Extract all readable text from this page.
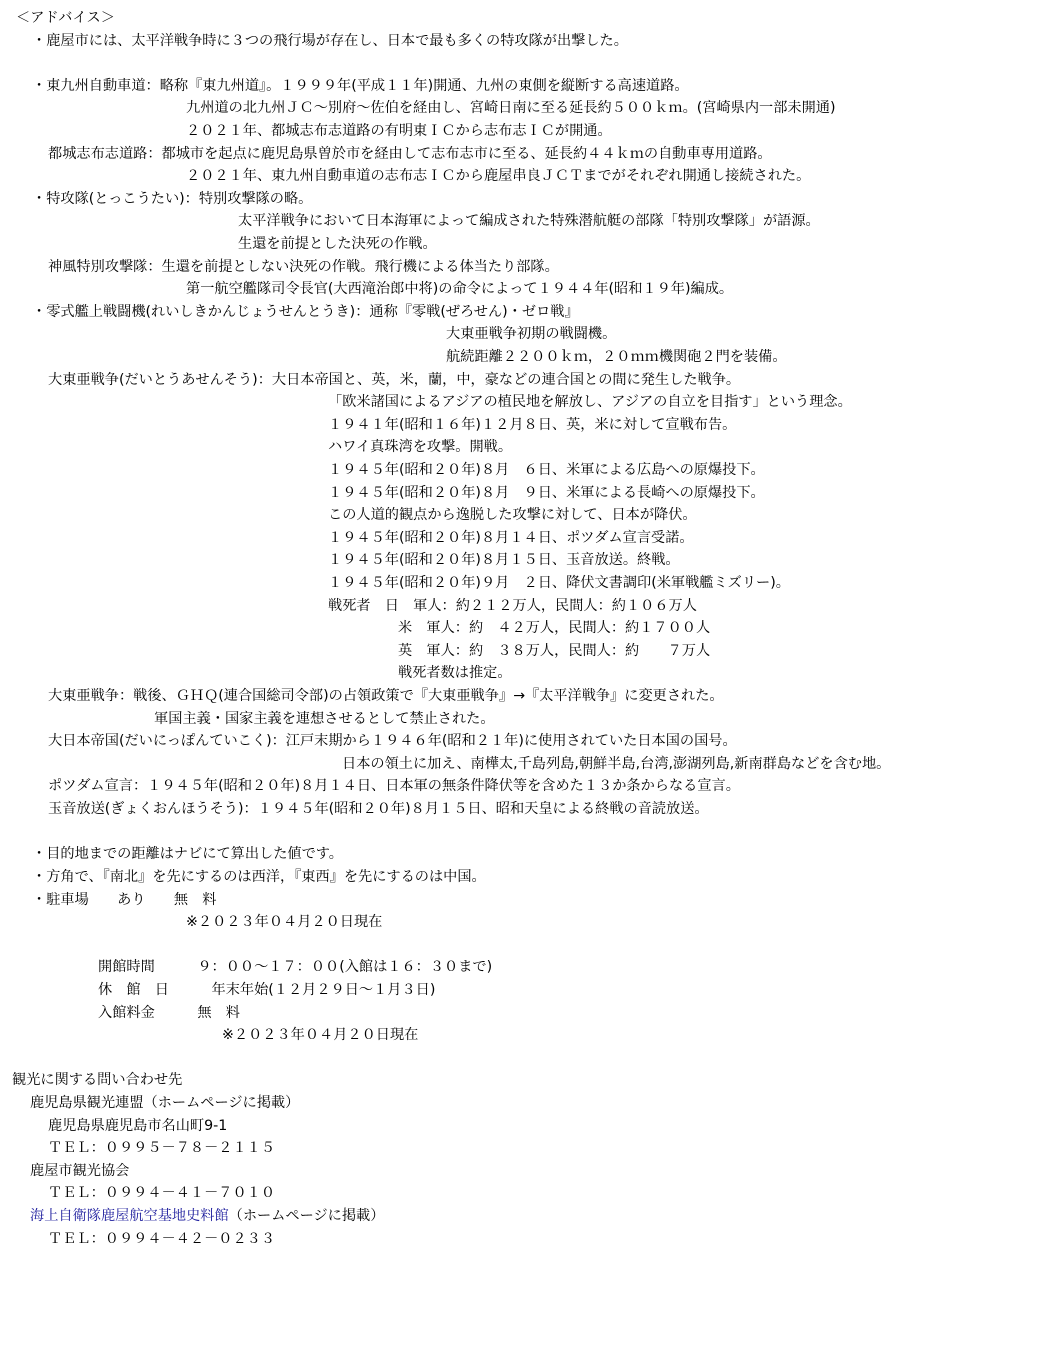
＜アドバイス＞
・鹿屋市には、太平洋戦争時に３つの飛行場が存在し、日本で最も多くの特攻隊が出撃した。
・東九州自動車道：略称『東九州道』。１９９９年(平成１１年)開通、九州の東側を縦断する高速道路。
九州道の北九州ＪＣ～別府～佐伯を経由し、宮崎日南に至る延長約５００ｋｍ。(宮崎県内一部未開通)
２０２１年、都城志布志道路の有明東ＩＣから志布志ＩＣが開通。
都城志布志道路：都城市を起点に鹿児島県曽於市を経由して志布志市に至る、延長約４４ｋｍの自動車専用道路。
２０２１年、東九州自動車道の志布志ＩＣから鹿屋串良ＪＣＴまでがそれぞれ開通し接続された。
・特攻隊(とっこうたい)：特別攻撃隊の略。
太平洋戦争において日本海軍によって編成された特殊潜航艇の部隊「特別攻撃隊」が語源。
生還を前提とした決死の作戦。
神風特別攻撃隊：生還を前提としない決死の作戦。飛行機による体当たり部隊。
第一航空艦隊司令長官(大西滝治郎中将)の命令によって１９４４年(昭和１９年)編成。
・零式艦上戦闘機(れいしきかんじょうせんとうき)：通称『零戦(ぜろせん)・ゼロ戦』
大東亜戦争初期の戦闘機。
航続距離２２００ｋｍ，２０ｍｍ機関砲２門を装備。
大東亜戦争(だいとうあせんそう)：大日本帝国と、英，米，蘭，中，豪などの連合国との間に発生した戦争。
「欧米諸国によるアジアの植民地を解放し、アジアの自立を目指す」という理念。
１９４１年(昭和１６年)１２月８日、英，米に対して宣戦布告。
ハワイ真珠湾を攻撃。開戦。
１９４５年(昭和２０年)８月　６日、米軍による広島への原爆投下。
１９４５年(昭和２０年)８月　９日、米軍による長崎への原爆投下。
この人道的観点から逸脱した攻撃に対して、日本が降伏。
１９４５年(昭和２０年)８月１４日、ポツダム宣言受諾。
１９４５年(昭和２０年)８月１５日、玉音放送。終戦。
１９４５年(昭和２０年)９月　２日、降伏文書調印(米軍戦艦ミズリー)。
戦死者　日　軍人：約２１２万人，民間人：約１０６万人
米　軍人：約　４２万人，民間人：約１７００人
英　軍人：約　３８万人，民間人：約　　７万人
戦死者数は推定。
大東亜戦争：戦後、ＧＨＱ(連合国総司令部)の占領政策で『大東亜戦争』→『太平洋戦争』に変更された。
軍国主義・国家主義を連想させるとして禁止された。
大日本帝国(だいにっぽんていこく)：江戸末期から１９４６年(昭和２１年)に使用されていた日本国の国号。
日本の領土に加え、南樺太,千島列島,朝鮮半島,台湾,澎湖列島,新南群島などを含む地。
ポツダム宣言：１９４５年(昭和２０年)８月１４日、日本軍の無条件降伏等を含めた１３か条からなる宣言。
玉音放送(ぎょくおんほうそう)：１９４５年(昭和２０年)８月１５日、昭和天皇による終戦の音読放送。
・目的地までの距離はナビにて算出した値です。
・方角で、『南北』を先にするのは西洋，『東西』を先にするのは中国。
・駐車場　　あり　　無　料
※２０２３年０４月２０日現在
開館時間　　　９：００～１７：００(入館は１６：３０まで)
休　館　日　　　年末年始(１２月２９日～１月３日)
入館料金　　　無　料
※２０２３年０４月２０日現在
観光に関する問い合わせ先
鹿児島県観光連盟（ホームページに掲載）
鹿児島県鹿児島市名山町9-1
ＴＥＬ：０９９５－７８－２１１５
鹿屋市観光協会
ＴＥＬ：０９９４－４１－７０１０
海上自衛隊鹿屋航空基地史料館（ホームページに掲載）
ＴＥＬ：０９９４－４２－０２３３
